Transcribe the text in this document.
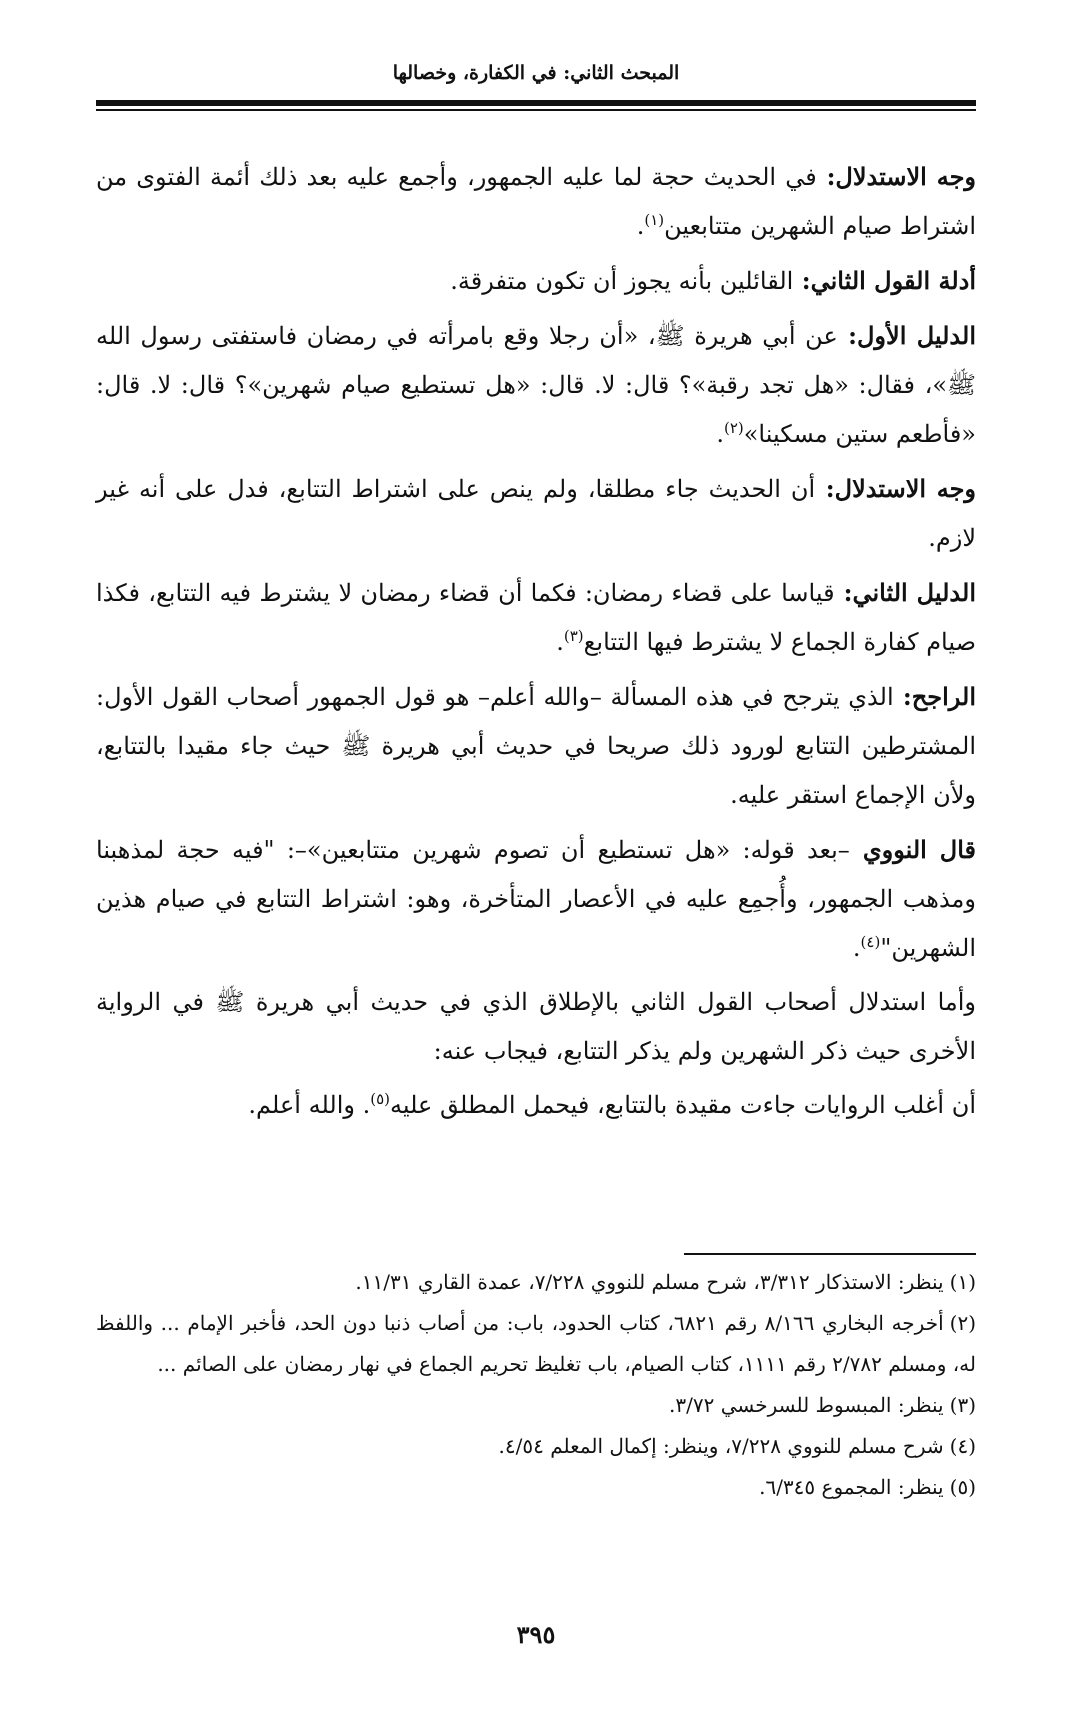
المبحث الثاني: في الكفارة، وخصالها

وجه الاستدلال:في الحديث حجة لما عليه الجمهور، وأجمع عليه بعد ذلك أئمة الفتوى من اشتراط صيام الشهرين متتابعين$^{(١)}$.

أدلة القول الثاني:القائلين بأنه يجوز أن تكون متفرقة.

الدليل الأول:عن أبي هريرة ﷺ، «أن رجلا وقع بامرأته في رمضان فاستفتى رسول الله ﷺ»، فقال: «هل تجد رقبة»؟ قال: لا. قال: «هل تستطيع صيام شهرين»؟ قال: لا. قال: «فأطعم ستين مسكينا»$^{(٢)}$.

وجه الاستدلال:أن الحديث جاء مطلقا، ولم ينص على اشتراط التتابع، فدل على أنه غير لازم.

الدليل الثاني:قياسا على قضاء رمضان: فكما أن قضاء رمضان لا يشترط فيه التتابع، فكذا صيام كفارة الجماع لا يشترط فيها التتابع$^{(٣)}$.

الراجح:الذي يترجح في هذه المسألة –والله أعلم– هو قول الجمهور أصحاب القول الأول: المشترطين التتابع لورود ذلك صريحا في حديث أبي هريرة ﷺ حيث جاء مقيدا بالتتابع، ولأن الإجماع استقر عليه.

قال النووي–بعد قوله: «هل تستطيع أن تصوم شهرين متتابعين»–: "فيه حجة لمذهبنا ومذهب الجمهور، وأُجمِع عليه في الأعصار المتأخرة، وهو: اشتراط التتابع في صيام هذين الشهرين"$^{(٤)}$.

وأما استدلال أصحاب القول الثاني بالإطلاق الذي في حديث أبي هريرة ﷺ في الرواية الأخرى حيث ذكر الشهرين ولم يذكر التتابع، فيجاب عنه:

أن أغلب الروايات جاءت مقيدة بالتتابع، فيحمل المطلق عليه$^{(٥)}$. والله أعلم.

(١)ينظر: الاستذكار ٣/٣١٢، شرح مسلم للنووي ٧/٢٢٨، عمدة القاري ١١/٣١.

(٢)أخرجه البخاري ٨/١٦٦ رقم ٦٨٢١، كتاب الحدود، باب: من أصاب ذنبا دون الحد، فأخبر الإمام ... واللفظ له، ومسلم ٢/٧٨٢ رقم ١١١١، كتاب الصيام، باب تغليظ تحريم الجماع في نهار رمضان على الصائم ...

(٣)ينظر: المبسوط للسرخسي ٣/٧٢.

(٤)شرح مسلم للنووي ٧/٢٢٨، وينظر: إكمال المعلم ٤/٥٤.

(٥)ينظر: المجموع ٦/٣٤٥.

٣٩٥
